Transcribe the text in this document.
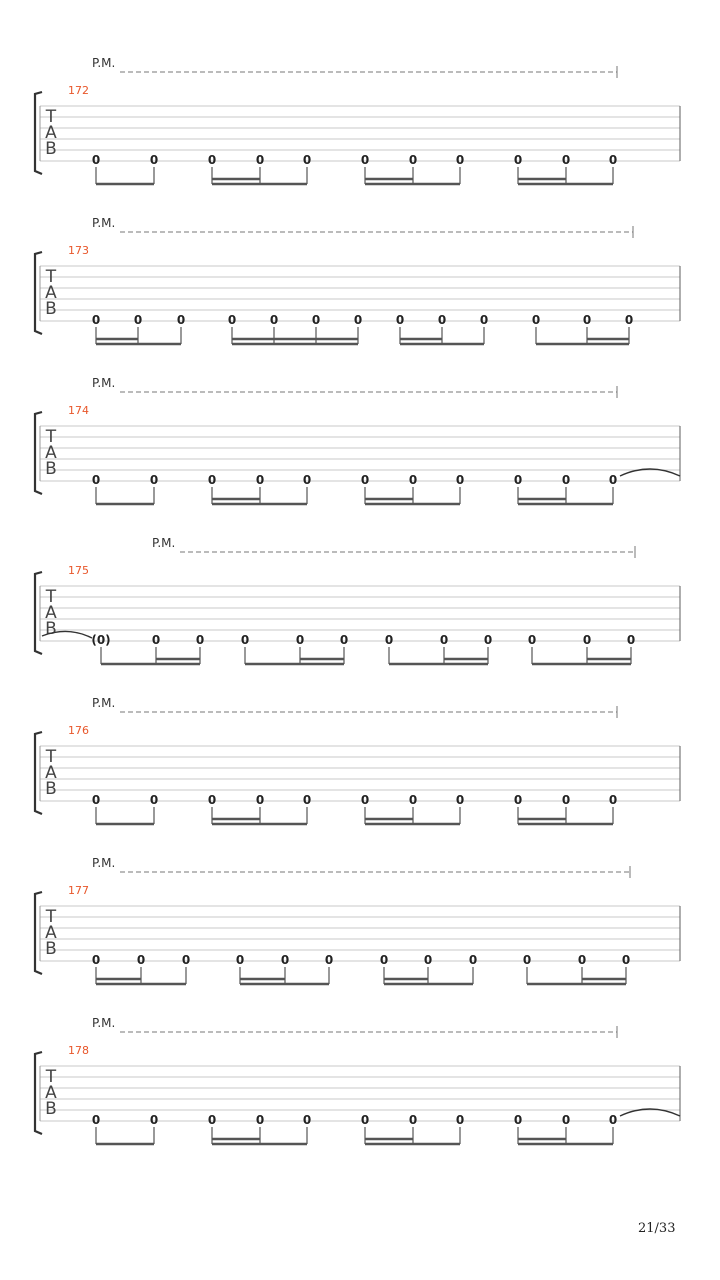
P.M.
172
T
A
B
0	0	0	0	0	0	0	0	0	0	0
P.M.
173
T
A
B
0	0	0	0	0	0	0	0	0	0	0	0	0
P.M.
174
T
A
B
0	0	0	0	0	0	0	0	0	0	0
P.M.
175
T
A
B
(0)	0	0	0	0	0	0	0	0	0	0	0
P.M.
176
T
A
B
0	0	0	0	0	0	0	0	0	0	0
P.M.
177
T
A
B
0	0	0	0	0	0	0	0	0	0	0	0
P.M.
178
T
A
B
0	0	0	0	0	0	0	0	0	0	0
21/33
